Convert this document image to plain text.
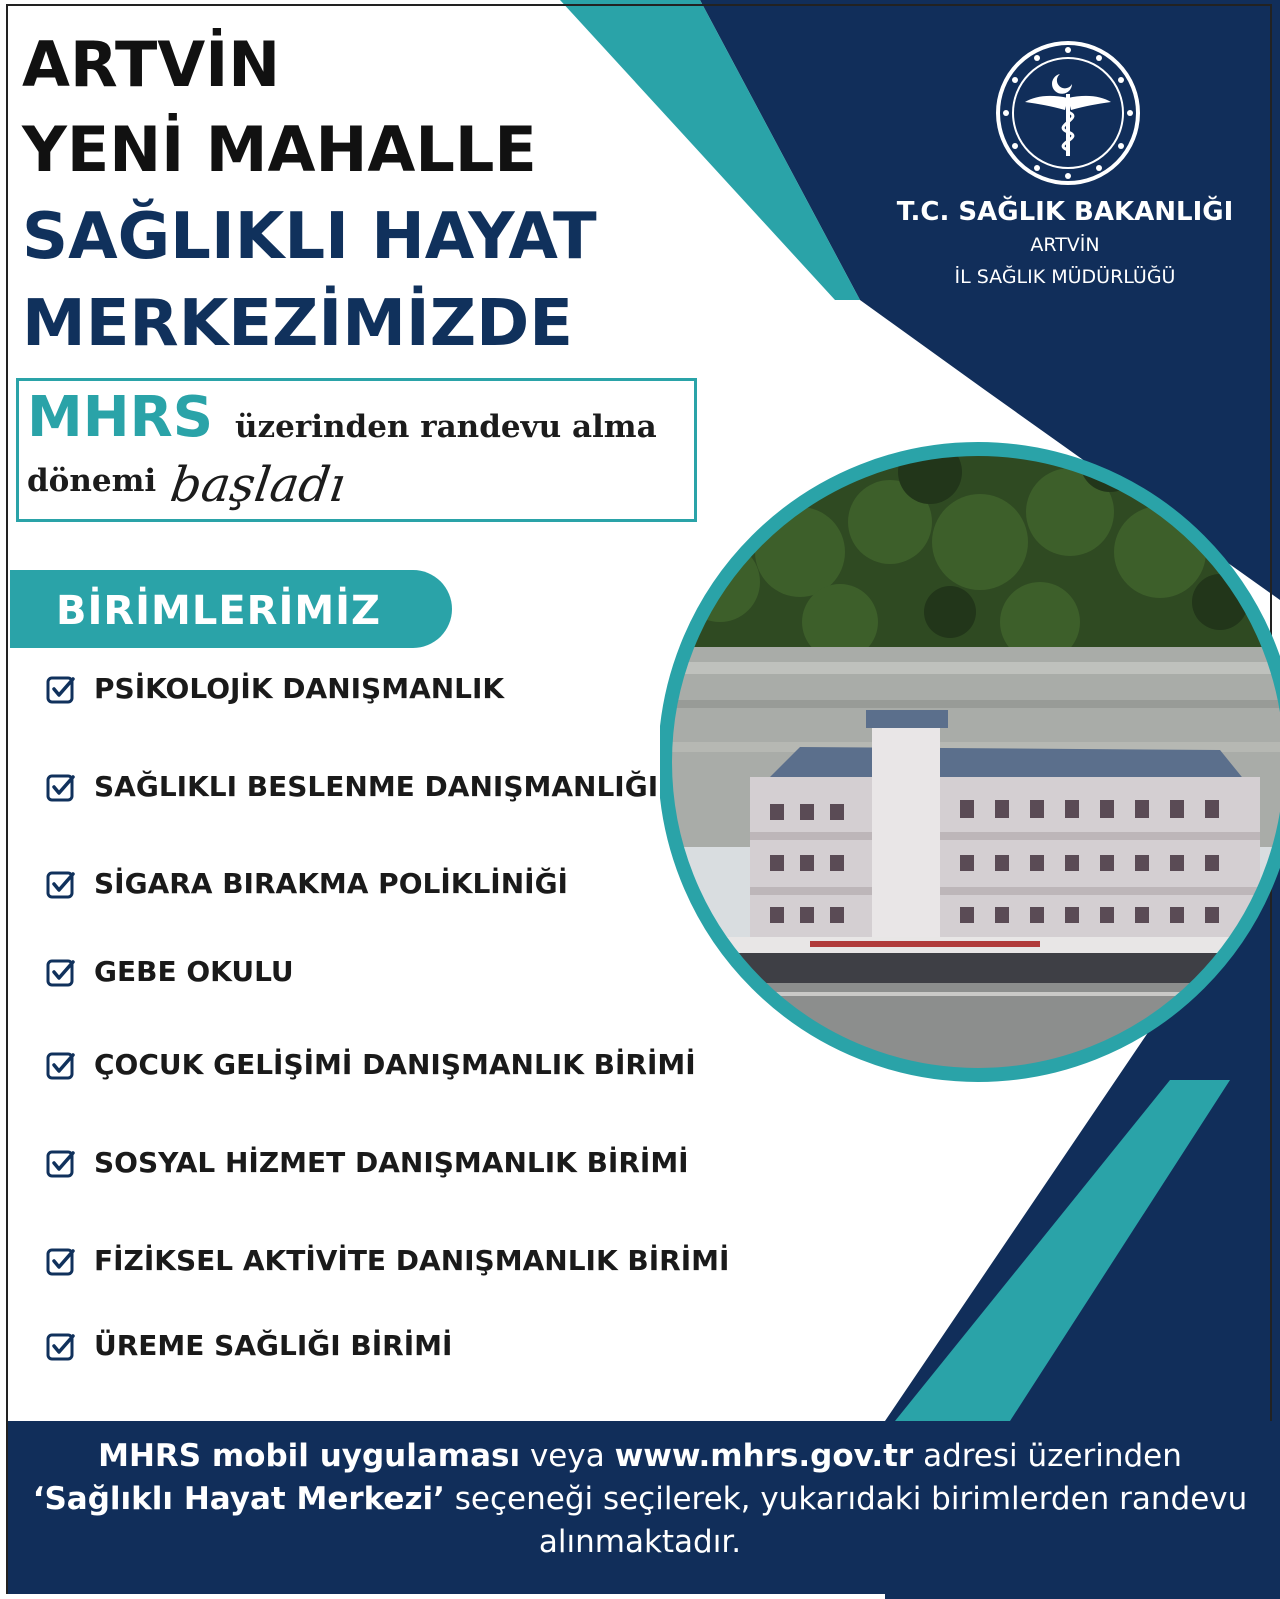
ARTVİN
YENİ MAHALLE
SAĞLIKLI HAYAT
MERKEZİMİZDE
MHRS üzerinden randevu alma
dönemi başladı
T.C. SAĞLIK BAKANLIĞI
ARTVİN
İL SAĞLIK MÜDÜRLÜĞÜ
BİRİMLERİMİZ
PSİKOLOJİK DANIŞMANLIK
SAĞLIKLI BESLENME DANIŞMANLIĞI
SİGARA BIRAKMA POLİKLİNİĞİ
GEBE OKULU
ÇOCUK GELİŞİMİ DANIŞMANLIK BİRİMİ
SOSYAL HİZMET DANIŞMANLIK BİRİMİ
FİZİKSEL AKTİVİTE DANIŞMANLIK BİRİMİ
ÜREME SAĞLIĞI BİRİMİ
MHRS mobil uygulaması veya www.mhrs.gov.tr adresi üzerinden
‘Sağlıklı Hayat Merkezi’ seçeneği seçilerek, yukarıdaki birimlerden randevu
alınmaktadır.
